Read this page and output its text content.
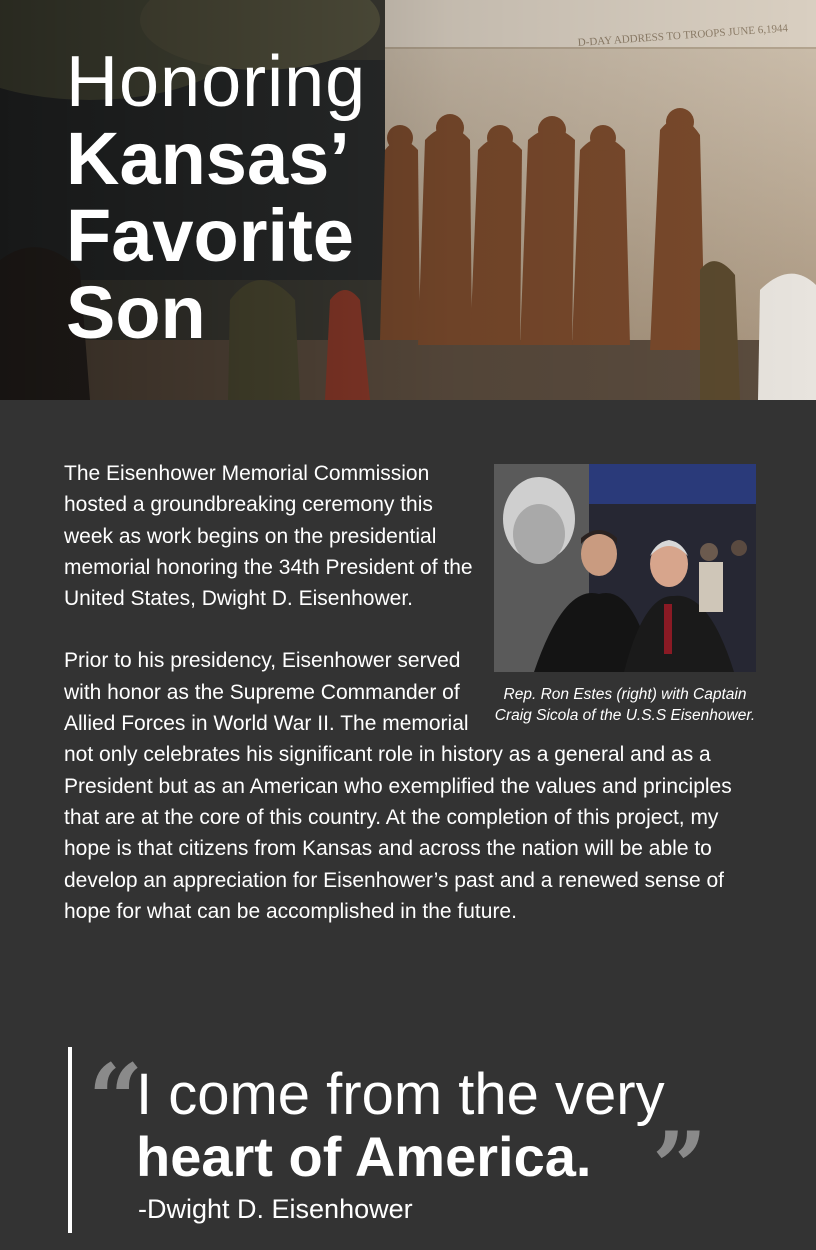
Honoring
Kansas’
Favorite
Son
Rep. Ron Estes (right) with Captain Craig Sicola of the U.S.S Eisenhower.

The Eisenhower Memorial Commission hosted a groundbreaking ceremony this week as work begins on the presidential memorial honoring the 34th President of the United States, Dwight D. Eisenhower.

Prior to his presidency, Eisenhower served with honor as the Supreme Commander of Allied Forces in World War II. The memorial not only celebrates his significant role in history as a general and as a President but as an American who exemplified the values and principles that are at the core of this country. At the completion of this project, my hope is that citizens from Kansas and across the nation will be able to develop an appreciation for Eisenhower’s past and a renewed sense of hope for what can be accomplished in the future.

“
I come from the very
heart of America. ”
-Dwight D. Eisenhower
